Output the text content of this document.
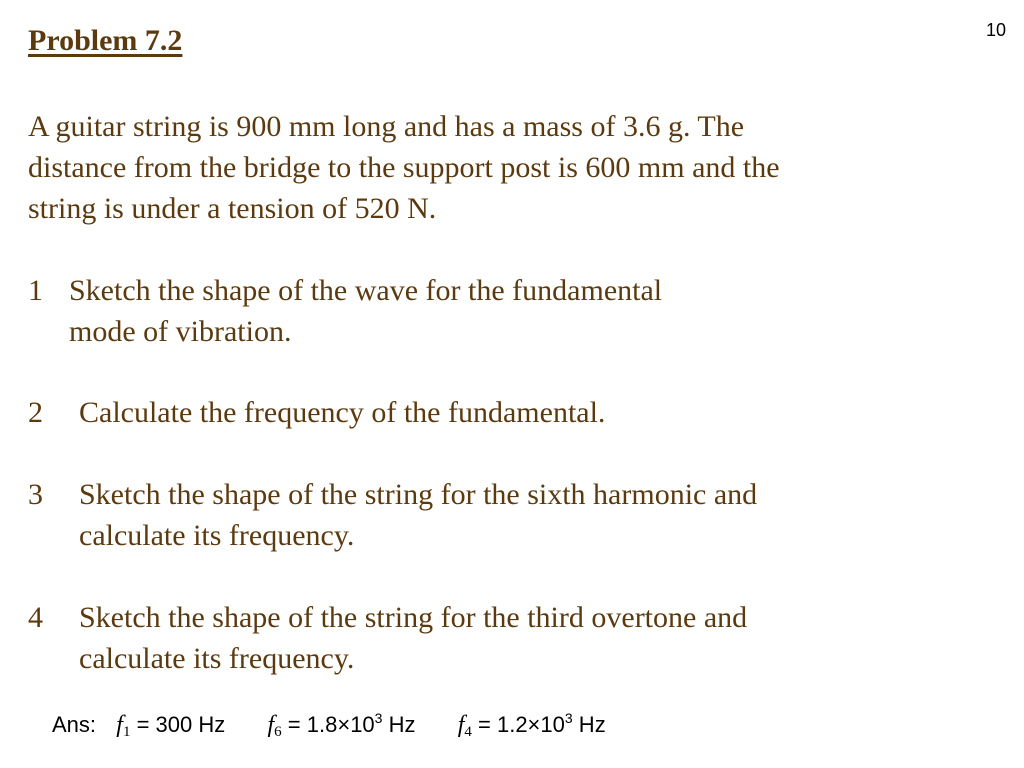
10
Problem 7.2
A guitar string is 900 mm long and has a mass of 3.6 g. The
distance from the bridge to the support post is 600 mm and the
string is under a tension of 520 N.
1 Sketch the shape of the wave for the fundamental
mode of vibration.
2	Calculate the frequency of the fundamental.
3	Sketch the shape of the string for the sixth harmonic and
calculate its frequency.
4	Sketch the shape of the string for the third overtone and
calculate its frequency.
Ans: $f_1 = 300$ Hz $f_6 = 1.8\times 10^3$ Hz $f_4 = 1.2\times 10^3$ Hz
